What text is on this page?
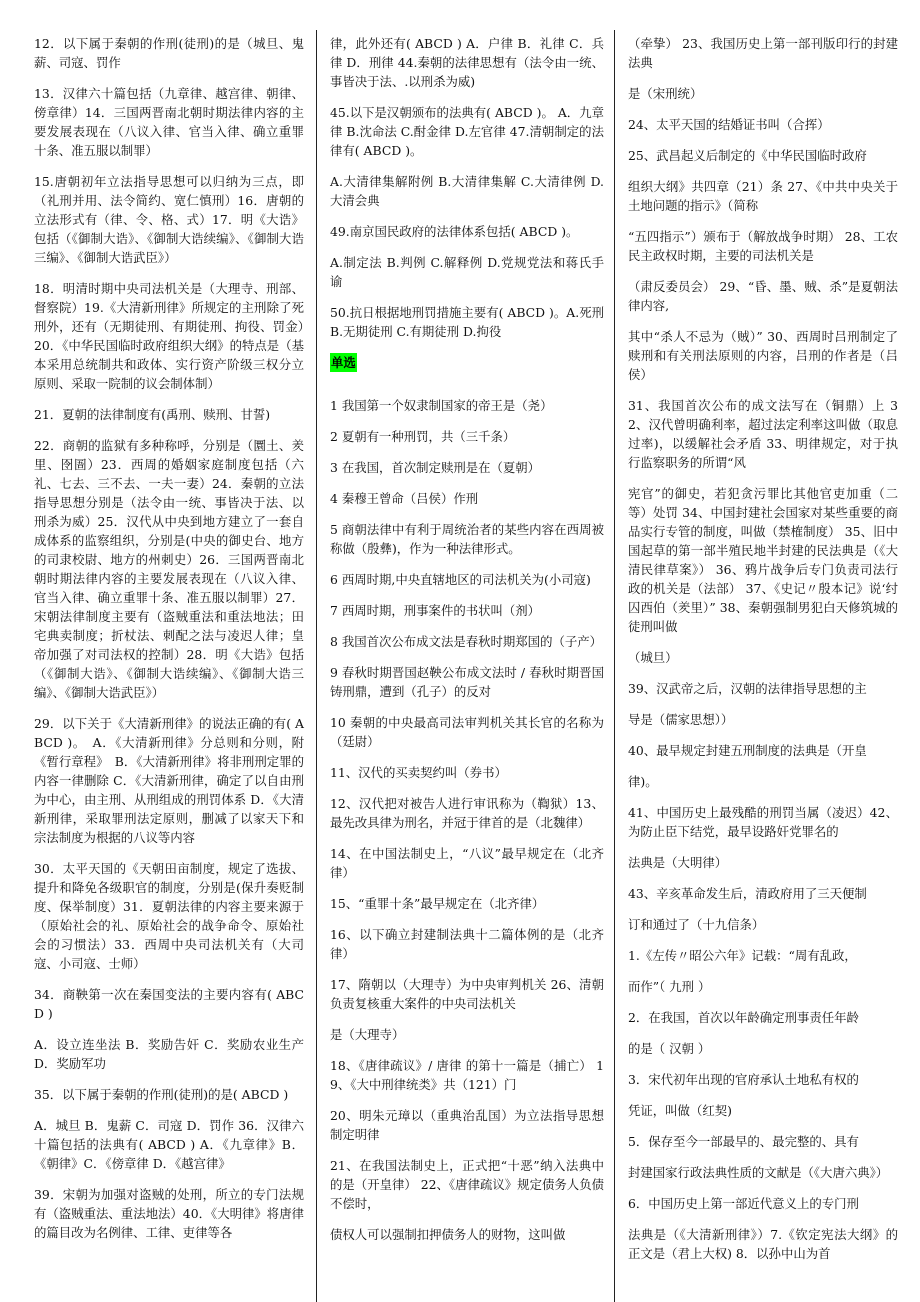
12．以下属于秦朝的作刑(徒刑)的是（城旦、鬼薪、司寇、罚作

13．汉律六十篇包括（九章律、越宫律、朝律、傍章律）14．三国两晋南北朝时期法律内容的主要发展表现在（八议入律、官当入律、确立重罪十条、准五服以制罪）

15.唐朝初年立法指导思想可以归纳为三点，即（礼刑并用、法令简约、宽仁慎刑）16．唐朝的立法形式有（律、令、格、式）17．明《大诰》包括（《御制大诰》、《御制大诰续编》、《御制大诰三编》、《御制大诰武臣》）

18．明清时期中央司法机关是（大理寺、刑部、督察院）19.《大清新刑律》所规定的主刑除了死刑外，还有（无期徒刑、有期徒刑、拘役、罚金）20．《中华民国临时政府组织大纲》的特点是（基本采用总统制共和政体、实行资产阶级三权分立原则、采取一院制的议会制体制）

21．夏朝的法律制度有(禹刑、赎刑、甘誓)

22．商朝的监狱有多种称呼，分别是（圜土、羑里、囹圄）23．西周的婚姻家庭制度包括（六礼、七去、三不去、一夫一妻）24．秦朝的立法指导思想分别是（法令由一统、事皆决于法、以刑杀为威）25．汉代从中央到地方建立了一套自成体系的监察组织，分别是(中央的御史台、地方的司隶校尉、地方的州刺史）26．三国两晋南北朝时期法律内容的主要发展表现在（八议入律、官当入律、确立重罪十条、准五服以制罪）27．宋朝法律制度主要有（盗贼重法和重法地法；田宅典卖制度；折杖法、刺配之法与凌迟人律；皇帝加强了对司法权的控制）28．明《大诰》包括（《御制大诰》、《御制大诰续编》、《御制大诰三编》、《御制大诰武臣》）

29．以下关于《大清新刑律》的说法正确的有( ABCD )。　A．《大清新刑律》分总则和分则，附《暂行章程》　B．《大清新刑律》将非刑刑定罪的内容一律删除 C．《大清新刑律，确定了以自由刑为中心，由主刑、从刑组成的刑罚体系 D．《大清新刑律，采取罪刑法定原则，删减了以家天下和宗法制度为根据的八议等内容

30．太平天国的《天朝田亩制度，规定了选拔、提升和降免各级职官的制度，分别是(保升奏贬制度、保举制度）31．夏朝法律的内容主要来源于（原始社会的礼、原始社会的战争命令、原始社会的习惯法）33．西周中央司法机关有（大司寇、小司寇、士师）

34．商鞅第一次在秦国变法的主要内容有( ABCD )

A．设立连坐法 B．奖励告奸 C．奖励农业生产 D．奖励军功

35．以下属于秦朝的作刑(徒刑)的是( ABCD )

A．城旦 B．鬼薪 C．司寇 D．罚作 36．汉律六十篇包括的法典有( ABCD ) A．《九章律》B．《朝律》C．《傍章律 D．《越宫律》

39．宋朝为加强对盗贼的处刑，所立的专门法规有（盗贼重法、重法地法）40．《大明律》将唐律的篇目改为名例律、工律、吏律等各

律，此外还有( ABCD ) A．户律 B．礼律 C．兵律 D．刑律 44.秦朝的法律思想有（法令由一统、事皆决于法、.以刑杀为威)

45.以下是汉朝颁布的法典有( ABCD )。 A．九章律 B.沈命法 C.酎金律 D.左官律 47.清朝制定的法律有( ABCD )。

A.大清律集解附例 B.大清律集解 C.大清律例 D.大清会典

49.南京国民政府的法律体系包括( ABCD )。

A.制定法 B.判例 C.解释例 D.党规党法和蒋氏手谕

50.抗日根据地刑罚措施主要有( ABCD )。A.死刑 B.无期徒刑 C.有期徒刑 D.拘役

单选

1 我国第一个奴隶制国家的帝王是（尧）

2 夏朝有一种刑罚，共（三千条）

3 在我国，首次制定赎刑是在（夏朝）

4 秦穆王曾命（吕侯）作刑

5 商朝法律中有利于周统治者的某些内容在西周被称做（殷彝)，作为一种法律形式。

6 西周时期,中央直辖地区的司法机关为(小司寇)

7 西周时期，刑事案件的书状叫（剂）

8 我国首次公布成文法是春秋时期郑国的（子产）

9 春秋时期晋国赵鞅公布成文法时 / 春秋时期晋国铸刑鼎，遭到（孔子）的反对

10 秦朝的中央最高司法审判机关其长官的名称为（廷尉）

11、汉代的买卖契约叫（券书）

12、汉代把对被告人进行审讯称为（鞫狱）13、最先改具律为刑名，并冠于律首的是（北魏律）

14、在中国法制史上，“八议”最早规定在（北齐律）

15、“重罪十条”最早规定在（北齐律）

16、以下确立封建制法典十二篇体例的是（北齐律）

17、隋朝以（大理寺）为中央审判机关 26、清朝负责复核重大案件的中央司法机关

是（大理寺）

18、《唐律疏议》/ 唐律 的第十一篇是（捕亡） 19、《大中刑律统类》共（121）门

20、明朱元璋以（重典治乱国）为立法指导思想制定明律

21、在我国法制史上，正式把“十恶”纳入法典中的是（开皇律） 22、《唐律疏议》规定债务人负债不偿时，

债权人可以强制扣押债务人的财物，这叫做

（牵挚） 23、我国历史上第一部刊版印行的封建法典

是（宋刑统）

24、太平天国的结婚证书叫（合挥）

25、武昌起义后制定的《中华民国临时政府

组织大纲》共四章（21）条 27、《中共中央关于土地问题的指示》（简称

“五四指示”）颁布于（解放战争时期） 28、工农民主政权时期，主要的司法机关是

（肃反委员会） 29、“昏、墨、贼、杀”是夏朝法律内容,

其中“杀人不忌为（贼）” 30、西周时吕刑制定了赎刑和有关刑法原则的内容，吕刑的作者是（吕侯）

31、我国首次公布的成文法写在（铜鼎）上 32、汉代曾明确利率，超过法定利率这叫做（取息过率)，以缓解社会矛盾 33、明律规定，对于执行监察职务的所谓“风

宪官”的御史，若犯贪污罪比其他官吏加重（二等）处罚 34、中国封建社会国家对某些重要的商品实行专管的制度，叫做（禁榷制度） 35、旧中国起草的第一部半殖民地半封建的民法典是（《大清民律草案》） 36、鸦片战争后专门负责司法行政的机关是（法部） 37、《史记〃殷本记》说‘纣囚西伯（羑里）” 38、秦朝强制男犯白天修筑城的徒刑叫做

（城旦）

39、汉武帝之后，汉朝的法律指导思想的主

导是（儒家思想））

40、最早规定封建五刑制度的法典是（开皇

律)。

41、中国历史上最残酷的刑罚当属（凌迟）42、为防止臣下结党，最早设路奸党罪名的

法典是（大明律）

43、辛亥革命发生后，清政府用了三天便制

订和通过了（十九信条）

1.《左传〃昭公六年》记载：“周有乱政，

而作”（ 九刑 ）

2．在我国，首次以年龄确定刑事责任年龄

的是（ 汉朝 ）

3．宋代初年出现的官府承认土地私有权的

凭证，叫做（红契)

5．保存至今一部最早的、最完整的、具有

封建国家行政法典性质的文献是（《大唐六典》）

6．中国历史上第一部近代意义上的专门刑

法典是（《大清新刑律》）7.《钦定宪法大纲》的正文是（君上大权) 8．以孙中山为首
